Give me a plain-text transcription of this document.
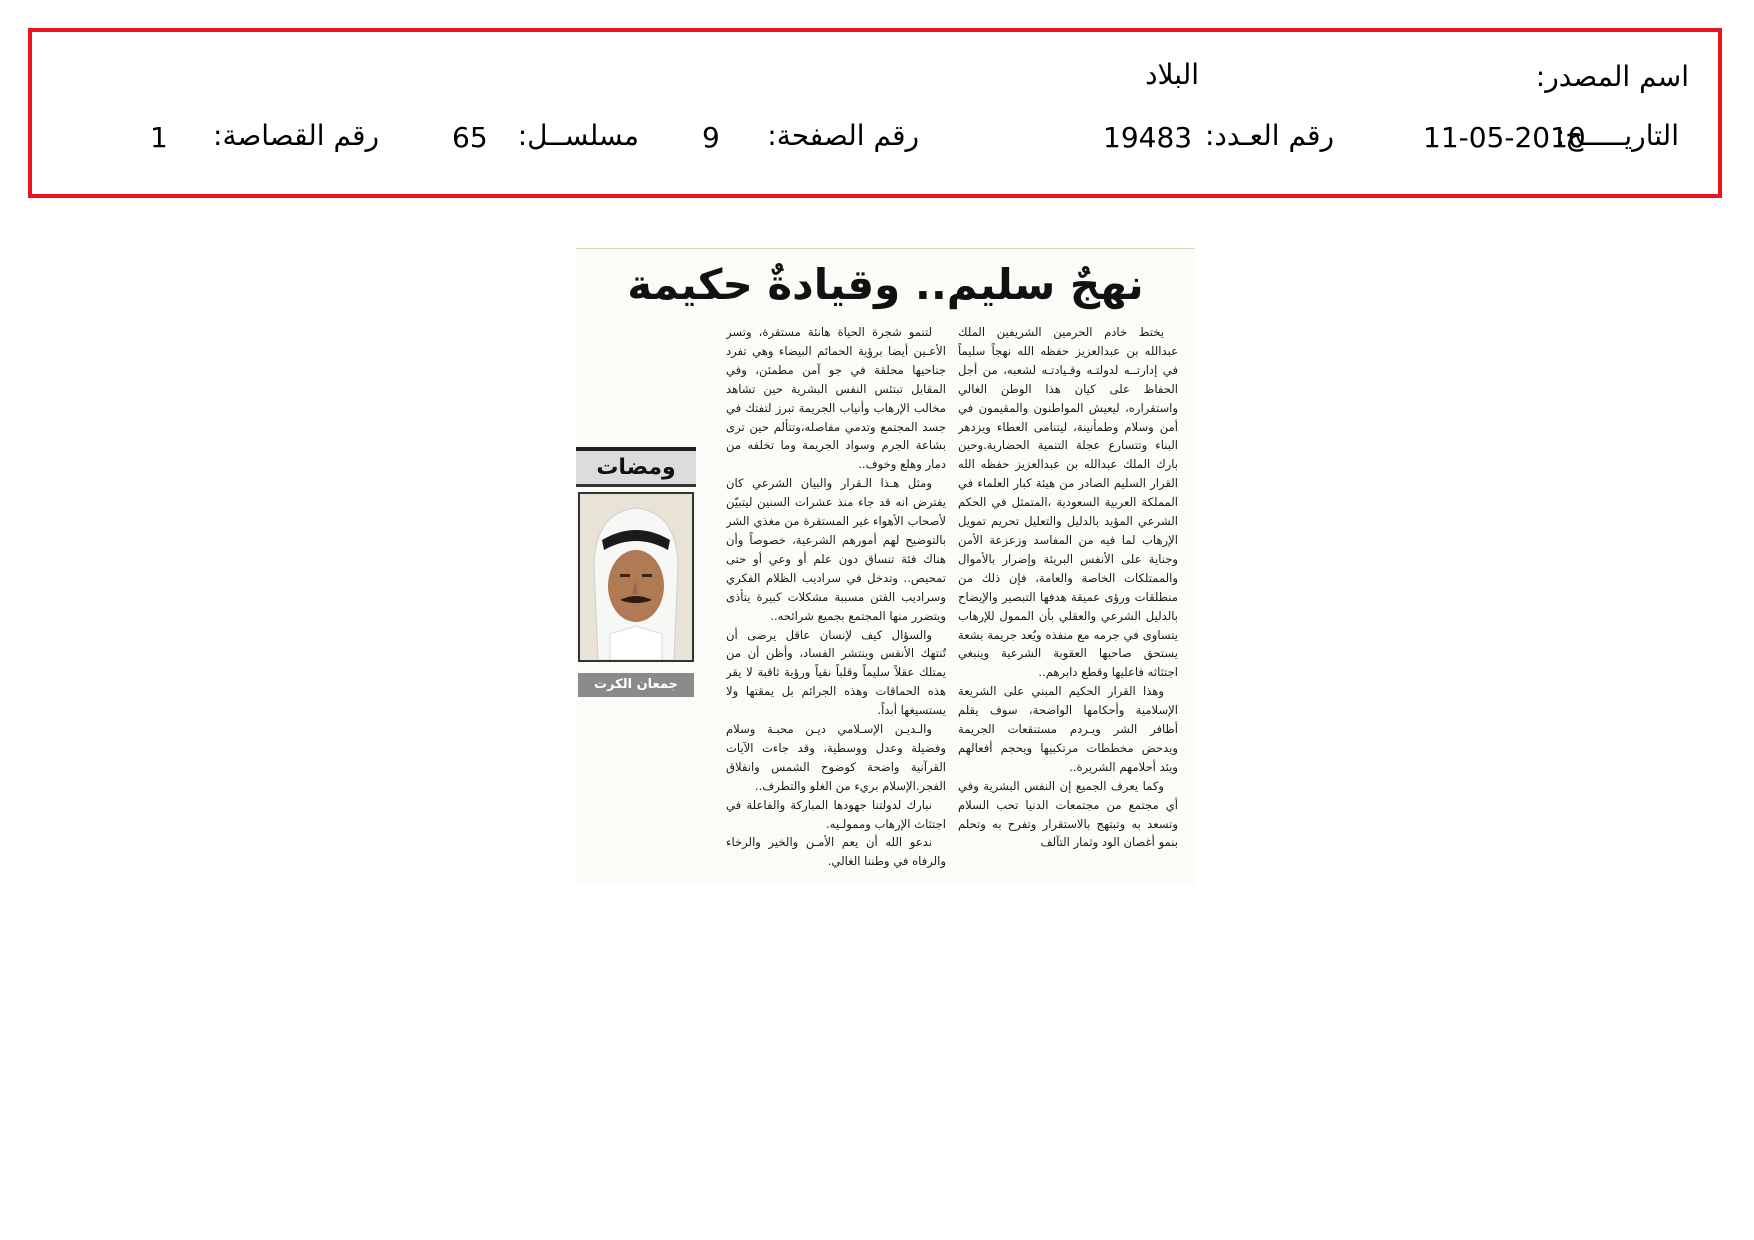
اسم المصدر:
البلاد
التاريـــــخ:
11-05-2010
رقم العـدد:
19483
رقم الصفحة:
9
مسلســل:
65
رقم القصاصة:
1
نهجٌ سليم.. وقيادةٌ حكيمة

يختط خادم الحرمين الشريفين الملك عبدالله بن عبدالعزيز حفظه الله نهجاً سليماً في إدارتــه لدولتـه وقـيادتـه لشعبه، من أجل الحفاظ على كيان هذا الوطن الغالي واستقراره، ليعيش المواطنون والمقيمون في أمن وسلام وطمأنينة، ليتنامى العطاء ويزدهر البناء وتتسارع عجلة التنمية الحضارية.وحين بارك الملك عبدالله بن عبدالعزيز حفظه الله القرار السليم الصادر من هيئة كبار العلماء في المملكة العربية السعودية ،المتمثل في الحكم الشرعي المؤيد بالدليل والتعليل تحريم تمويل الإرهاب لما فيه من المفاسد وزعزعة الأمن وجناية على الأنفس البريئة وإضرار بالأموال والممتلكات الخاصة والعامة، فإن ذلك من منطلقات ورؤى عميقة هدفها التبصير والإيضاح بالدليل الشرعي والعقلي بأن الممول للإرهاب يتساوى في جرمه مع منفذه ويُعد جريمة بشعة يستحق صاحبها العقوبة الشرعية وينبغي اجتثاثه فاعليها وقطع دابرهم..

وهذا القرار الحكيم المبني على الشريعة الإسلامية وأحكامها الواضحة، سوف يقلم أظافر الشر ويـردم مستنقعات الجريمة ويدحض مخططات مرتكبيها ويحجم أفعالهم ويئد أحلامهم الشريرة..

وكما يعرف الجميع إن النفس البشرية وفي أي مجتمع من مجتمعات الدنيا تحب السلام وتسعد به وتبتهج بالاستقرار وتفرح به وتحلم بنمو أغصان الود وثمار التآلف

لتنمو شجرة الحياة هانئة مستقرة، وتسر الأعـين أيضا برؤية الحمائم البيضاء وهي تفرد جناحيها محلقة في جو آمن مطمئن، وفي المقابل تبتئس النفس البشرية حين تشاهد مخالب الإرهاب وأنياب الجريمة تبرز لتفتك في جسد المجتمع وتدمي مفاصله،وتتألم حين ترى بشاعة الجرم وسواد الجريمة وما تخلفه من دمار وهلع وخوف..

ومثل هـذا الـقرار والبيان الشرعي كان يفترض انه قد جاء منذ عشرات السنين ليتبيّن لأصحاب الأهواء غير المستقرة من مغذي الشر بالتوضيح لهم أمورهم الشرعية، خصوصاً وأن هناك فئة تنساق دون علم أو وعي أو حتى تمحيص.. وتدخل في سراديب الظلام الفكري وسراديب الفتن مسببة مشكلات كبيرة يتأذى ويتضرر منها المجتمع بجميع شرائحه..

والسؤال كيف لإنسان عاقل يرضى أن تُنتهك الأنفس وينتشر الفساد، وأظن أن من يمتلك عقلاً سليماً وقلباً نقياً ورؤية ثاقبة لا يقر هذه الحماقات وهذه الجرائم بل يمقتها ولا يستسيغها أبداً.

والـديـن الإسـلامي ديـن محبـة وسلام وفضيلة وعدل ووسطية، وقد جاءت الآيات القرآنية واضحة كوضوح الشمس وانفلاق الفجر.الإسلام بريء من الغلو والتطرف..

نبارك لدولتنا جهودها المباركة والفاعلة في اجتثاث الإرهاب وممولـيه.

ندعو الله أن يعم الأمـن والخير والرخاء والرفاه في وطننا الغالي.

ومضات
جمعان الكرت
